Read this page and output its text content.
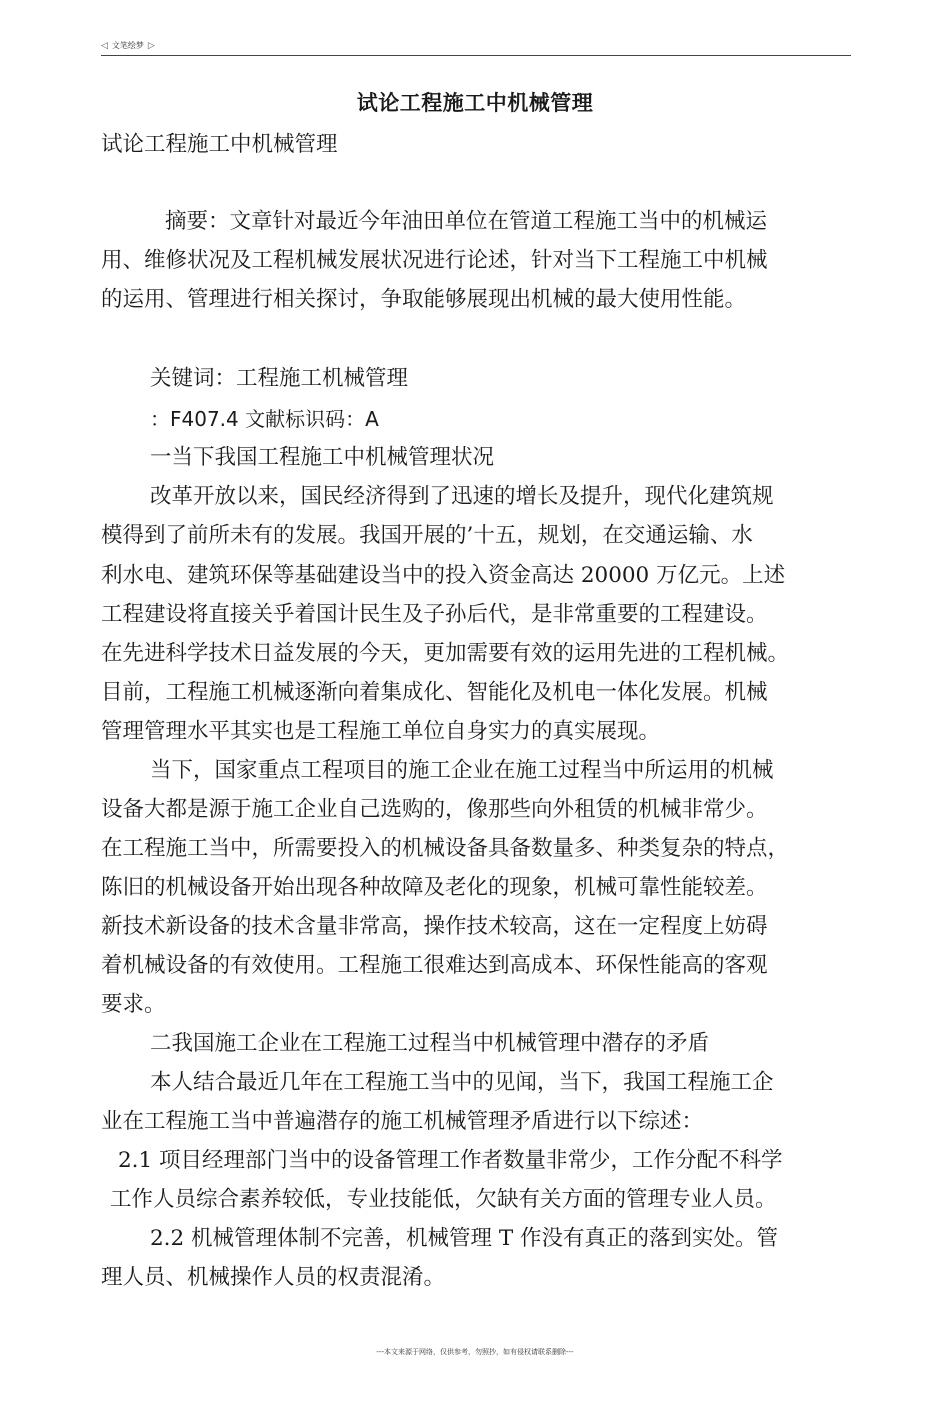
◁ 文笔绘梦 ▷
试论工程施工中机械管理
试论工程施工中机械管理
摘要：文章针对最近今年油田单位在管道工程施工当中的机械运
用、维修状况及工程机械发展状况进行论述，针对当下工程施工中机械
的运用、管理进行相关探讨，争取能够展现出机械的最大使用性能。
关键词：工程施工机械管理
：F407.4 文献标识码：A
一当下我国工程施工中机械管理状况
改革开放以来，国民经济得到了迅速的增长及提升，现代化建筑规
模得到了前所未有的发展。我国开展的’十五，规划，在交通运输、水
利水电、建筑环保等基础建设当中的投入资金高达 20000 万亿元。上述
工程建设将直接关乎着国计民生及子孙后代，是非常重要的工程建设。
在先进科学技术日益发展的今天，更加需要有效的运用先进的工程机械。
目前，工程施工机械逐渐向着集成化、智能化及机电一体化发展。机械
管理管理水平其实也是工程施工单位自身实力的真实展现。
当下，国家重点工程项目的施工企业在施工过程当中所运用的机械
设备大都是源于施工企业自己选购的，像那些向外租赁的机械非常少。
在工程施工当中，所需要投入的机械设备具备数量多、种类复杂的特点，
陈旧的机械设备开始出现各种故障及老化的现象，机械可靠性能较差。
新技术新设备的技术含量非常高，操作技术较高，这在一定程度上妨碍
着机械设备的有效使用。工程施工很难达到高成本、环保性能高的客观
要求。
二我国施工企业在工程施工过程当中机械管理中潜存的矛盾
本人结合最近几年在工程施工当中的见闻，当下，我国工程施工企
业在工程施工当中普遍潜存的施工机械管理矛盾进行以下综述：
2.1 项目经理部门当中的设备管理工作者数量非常少，工作分配不科学
工作人员综合素养较低，专业技能低，欠缺有关方面的管理专业人员。
2.2 机械管理体制不完善，机械管理 T 作没有真正的落到实处。管
理人员、机械操作人员的权责混淆。
---本文来源于网络，仅供参考，勿照抄，如有侵权请联系删除---
